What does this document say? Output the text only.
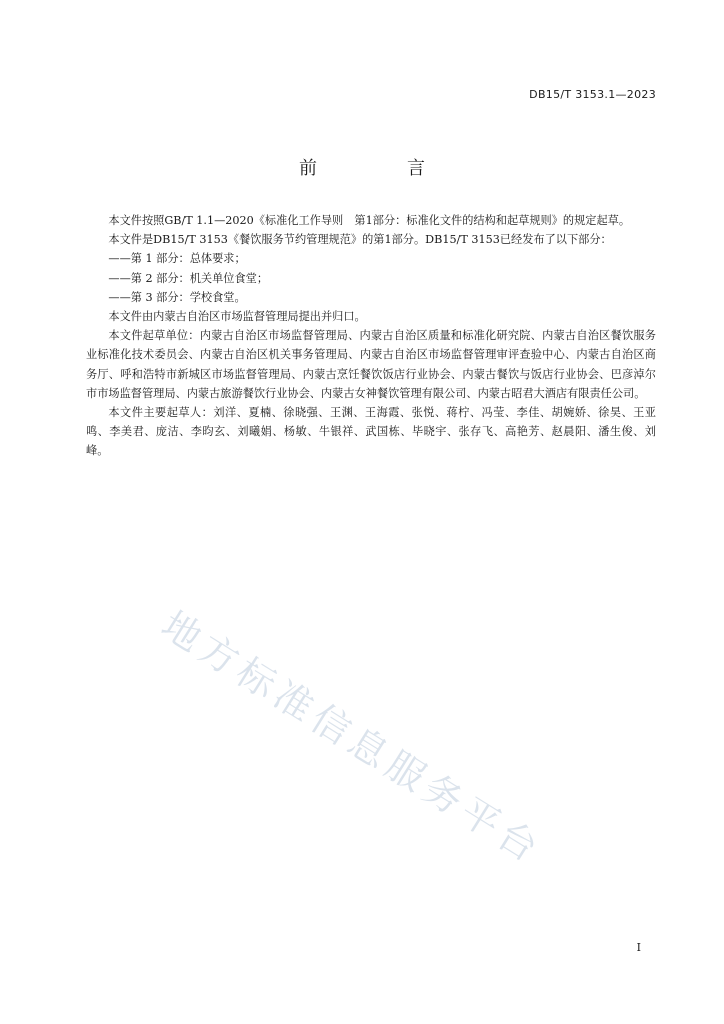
DB15/T 3153.1—2023
前　言

本文件按照GB/T 1.1—2020《标准化工作导则　第1部分：标准化文件的结构和起草规则》的规定起草。

本文件是DB15/T 3153《餐饮服务节约管理规范》的第1部分。DB15/T 3153已经发布了以下部分：

——第 1 部分：总体要求；

——第 2 部分：机关单位食堂；

——第 3 部分：学校食堂。

本文件由内蒙古自治区市场监督管理局提出并归口。

本文件起草单位：内蒙古自治区市场监督管理局、内蒙古自治区质量和标准化研究院、内蒙古自治区餐饮服务业标准化技术委员会、内蒙古自治区机关事务管理局、内蒙古自治区市场监督管理审评查验中心、内蒙古自治区商务厅、呼和浩特市新城区市场监督管理局、内蒙古烹饪餐饮饭店行业协会、内蒙古餐饮与饭店行业协会、巴彦淖尔市市场监督管理局、内蒙古旅游餐饮行业协会、内蒙古女神餐饮管理有限公司、内蒙古昭君大酒店有限责任公司。

本文件主要起草人：刘洋、夏楠、徐晓强、王渊、王海霞、张悦、蒋柠、冯莹、李佳、胡婉娇、徐昊、王亚鸣、李美君、庞洁、李昀玄、刘曦娟、杨敏、牛银祥、武国栋、毕晓宇、张存飞、高艳芳、赵晨阳、潘生俊、刘峰。

地方标准信息服务平台
I
